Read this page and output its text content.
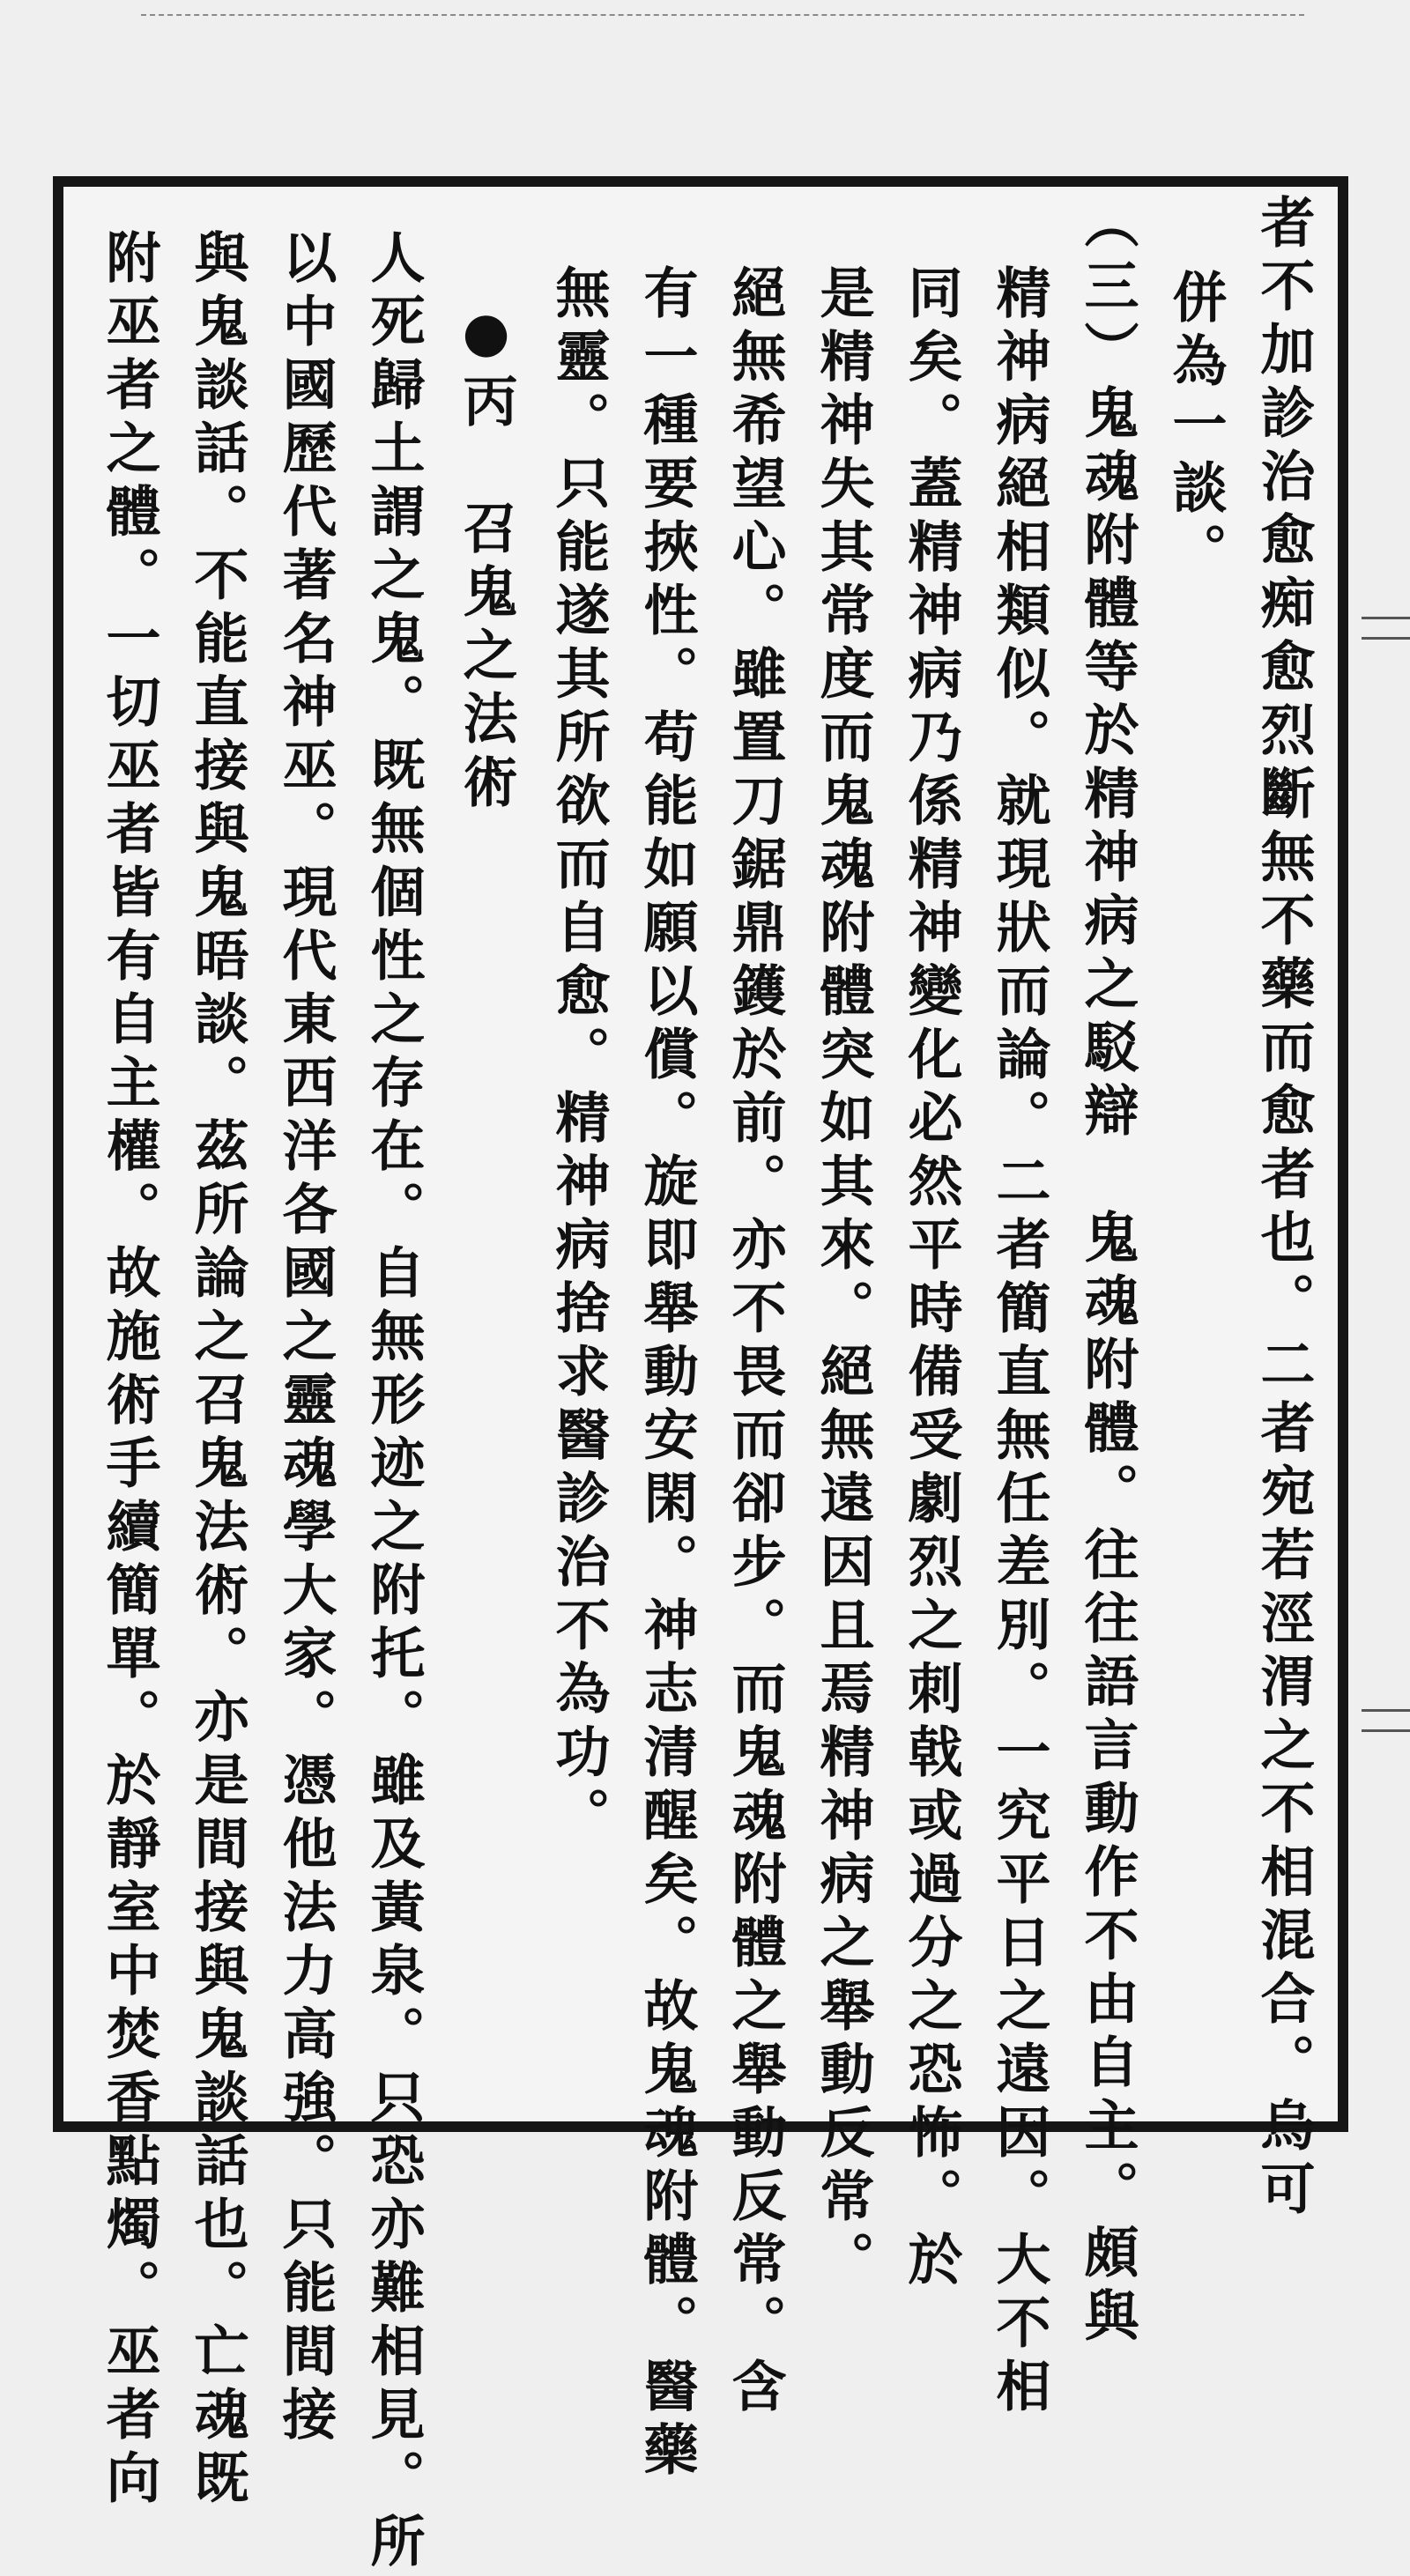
者不加診治愈痴愈烈斷無不藥而愈者也。二者宛若涇渭之不相混合。烏可
併為一談。
（三）鬼魂附體等於精神病之駁辯　鬼魂附體。往往語言動作不由自主。頗與
精神病絕相類似。就現狀而論。二者簡直無任差別。一究平日之遠因。大不相
同矣。蓋精神病乃係精神變化必然平時備受劇烈之刺戟或過分之恐怖。於
是精神失其常度而鬼魂附體突如其來。絕無遠因且焉精神病之舉動反常。
絕無希望心。雖置刀鋸鼎鑊於前。亦不畏而卻步。而鬼魂附體之舉動反常。含
有一種要挾性。苟能如願以償。旋即舉動安閑。神志清醒矣。故鬼魂附體。醫藥
無靈。只能遂其所欲而自愈。精神病捨求醫診治不為功。
●丙　召鬼之法術
人死歸土謂之鬼。既無個性之存在。自無形迹之附托。雖及黃泉。只恐亦難相見。所
以中國歷代著名神巫。現代東西洋各國之靈魂學大家。憑他法力高強。只能間接
與鬼談話。不能直接與鬼晤談。茲所論之召鬼法術。亦是間接與鬼談話也。亡魂既
附巫者之體。一切巫者皆有自主權。故施術手續簡單。於靜室中焚香點燭。巫者向
